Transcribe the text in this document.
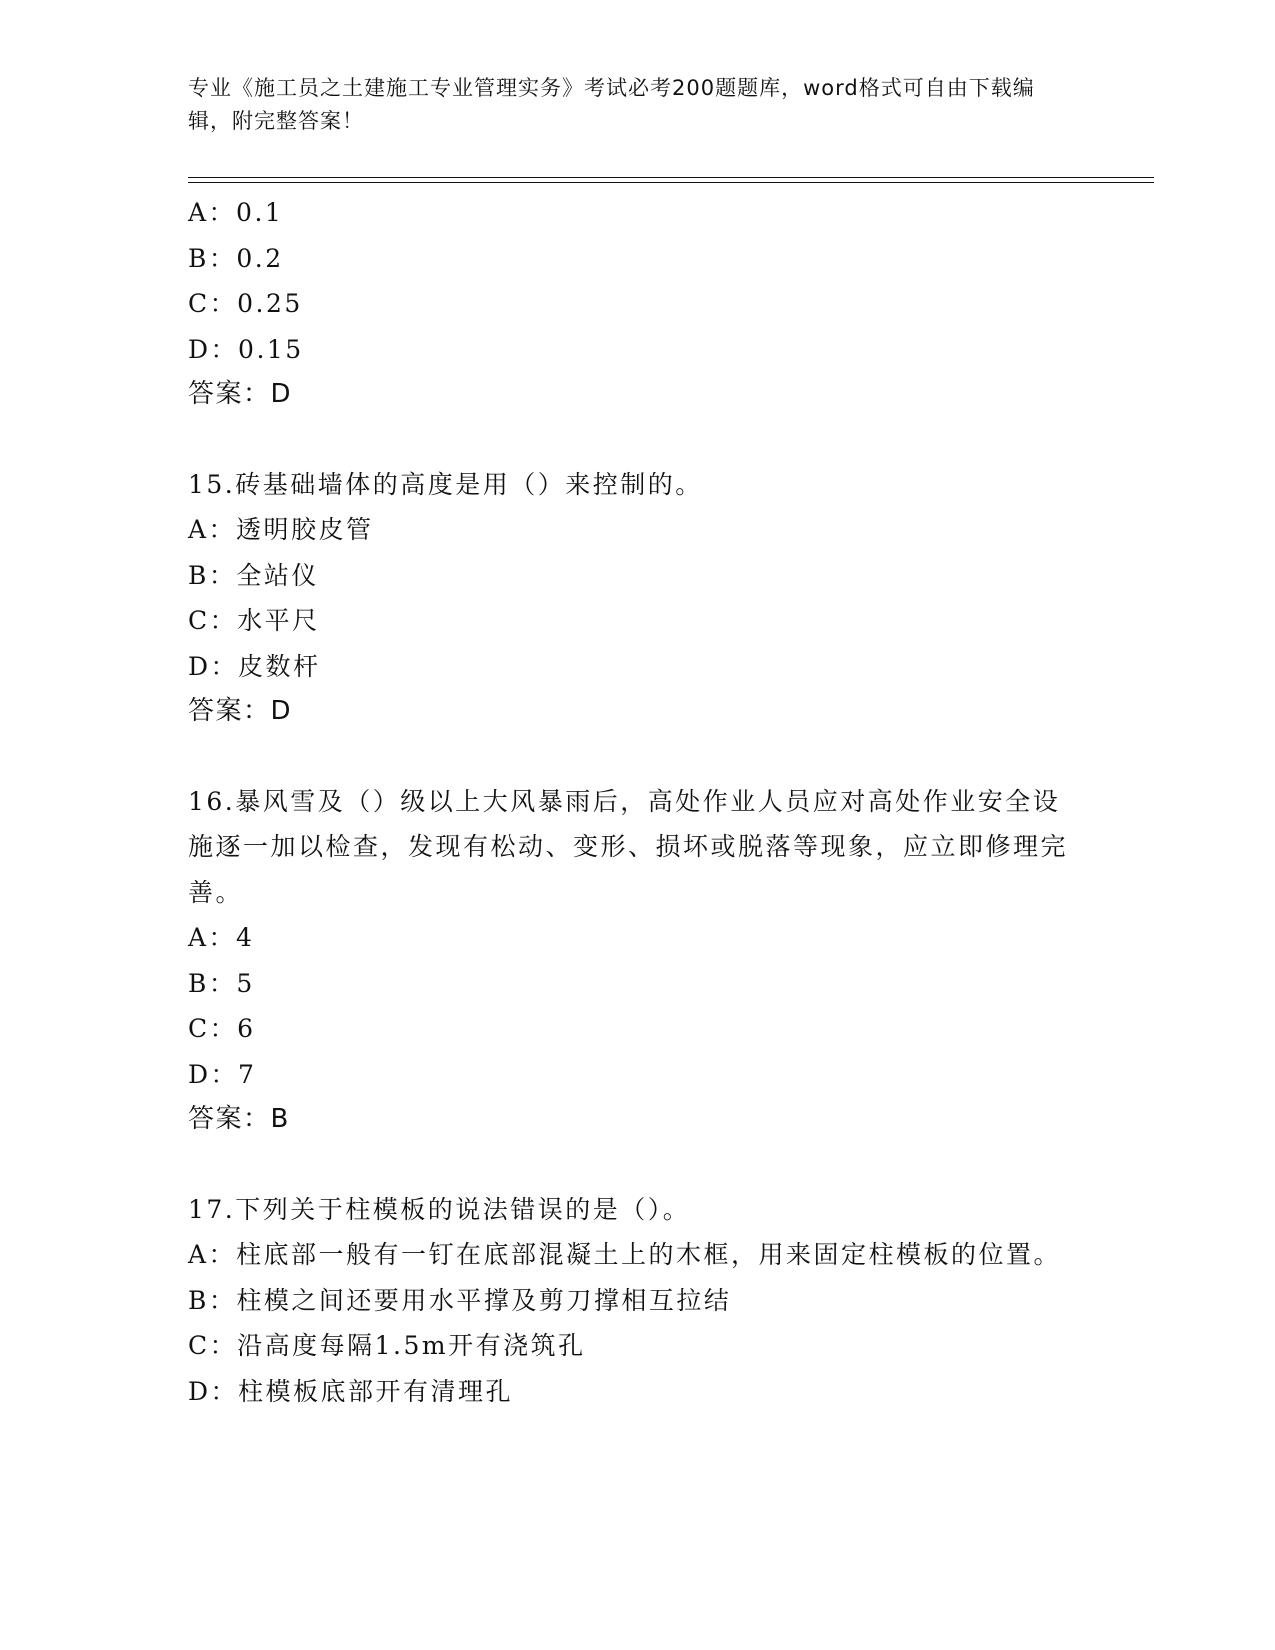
专业《施工员之土建施工专业管理实务》考试必考200题题库，word格式可自由下载编辑，附完整答案！
A：0.1
B：0.2
C：0.25
D：0.15
答案：D
15.砖基础墙体的高度是用（）来控制的。
A：透明胶皮管
B：全站仪
C：水平尺
D：皮数杆
答案：D
16.暴风雪及（）级以上大风暴雨后，高处作业人员应对高处作业安全设施逐一加以检查，发现有松动、变形、损坏或脱落等现象，应立即修理完善。
A：4
B：5
C：6
D：7
答案：B
17.下列关于柱模板的说法错误的是（）。
A：柱底部一般有一钉在底部混凝土上的木框，用来固定柱模板的位置。
B：柱模之间还要用水平撑及剪刀撑相互拉结
C：沿高度每隔1.5m开有浇筑孔
D：柱模板底部开有清理孔
